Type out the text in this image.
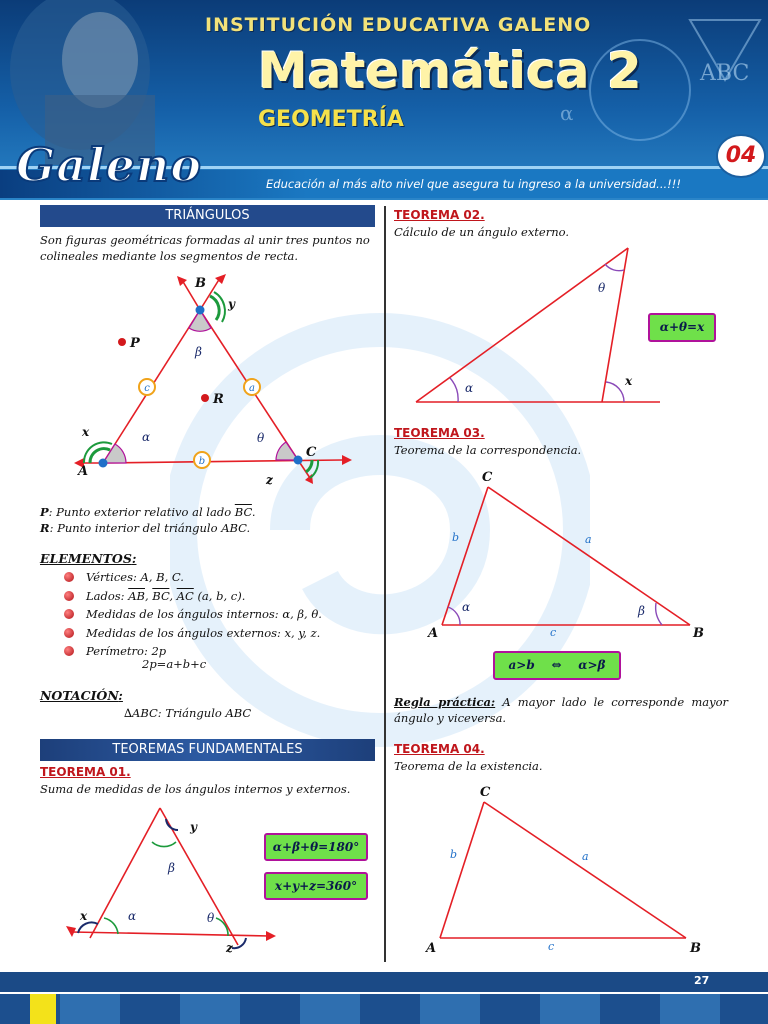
ABC
α
INSTITUCIÓN EDUCATIVA GALENO
Matemática 2
GEOMETRÍA
Galeno	Educación al más alto nivel que asegura tu ingreso a la universidad...!!!
04
TRIÁNGULOS
Son figuras geométricas formadas al unir tres puntos no colineales mediante los segmentos de recta.
B
A
C
P
R
y
x
z
β
α	θ
c	a
b
P: Punto exterior relativo al lado $\overline{BC}$.
R: Punto interior del triángulo ABC.
ELEMENTOS:
Vértices: A, B, C.
Lados: $\overline{AB}$, $\overline{BC}$, $\overline{AC}$ (a, b, c).
Medidas de los ángulos internos: α, β, θ.
Medidas de los ángulos externos: x, y, z.
Perímetro: 2p
2p=a+b+c
NOTACIÓN:
∆ABC: Triángulo ABC
TEOREMAS FUNDAMENTALES
TEOREMA 01.
Suma de medidas de los ángulos internos y externos.
y
x
z
β
α	θ
α+β+θ=180°
x+y+z=360°
TEOREMA 02.
Cálculo de un ángulo externo.
θ
α	x
α+θ=x
TEOREMA 03.
Teorema de la correspondencia.
C
A	B
b	a
c
α	β
a>b    ⇔    α>β
Regla práctica: A mayor lado le corresponde mayor ángulo y viceversa.
TEOREMA 04.
Teorema de la existencia.
C
A	B
b	a
c
27
